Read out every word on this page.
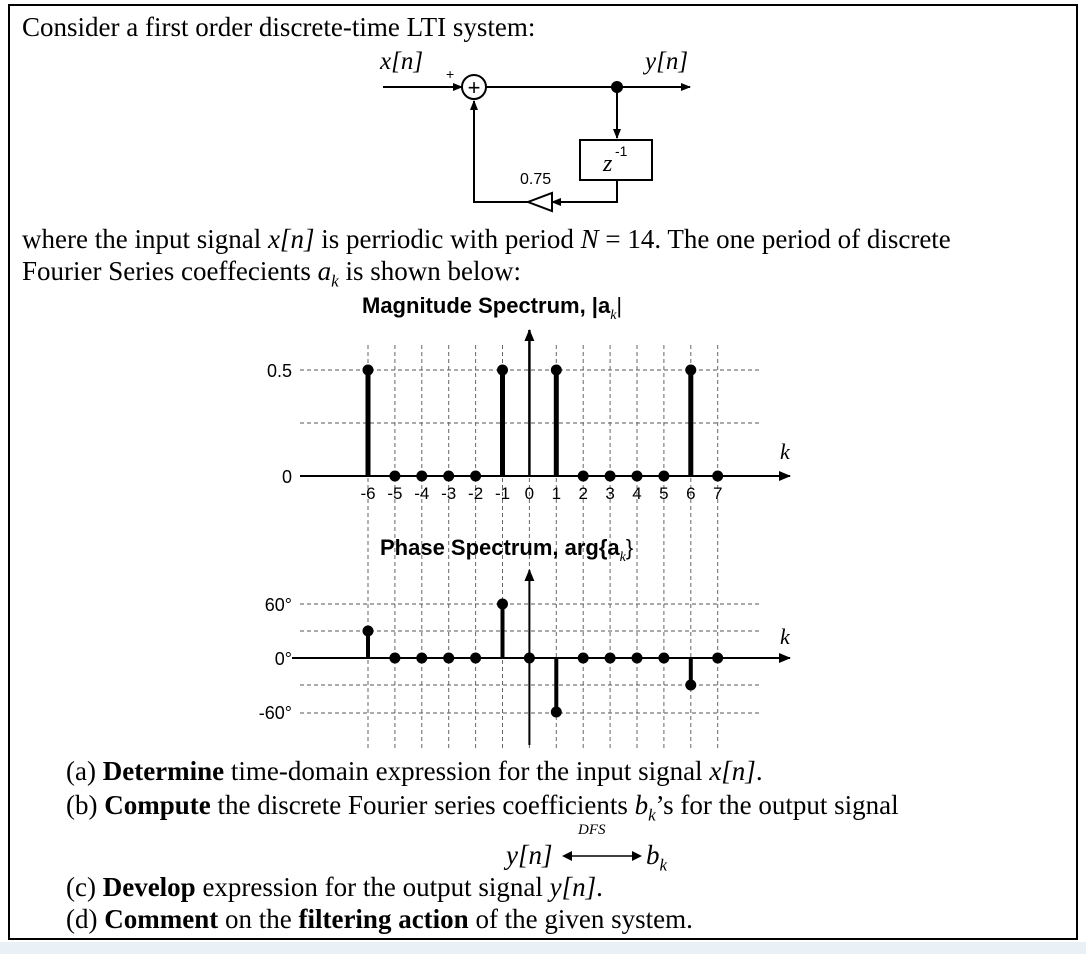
Consider a first order discrete-time LTI system:
x[n]	y[n]
+
+
z -1
0.75
where the input signal x[n] is perriodic with period N = 14. The one period of discrete
Fourier Series coeffecients $a_k$ is shown below:
Magnitude Spectrum, $|a_k|$
0.5
0
k
-6 -5 -4 -3 -2 -1 0 1 2 3 4 5 6 7
Phase Spectrum, $arg\{a_k\}$
60°
0°
-60°
k
(a) Determine time-domain expression for the input signal x[n].
(b) Compute the discrete Fourier series coefficients $b_k’s$ for the output signal
y[n]
DFS
$b_k$
(c) Develop expression for the output signal y[n].
(d) Comment on the filtering action of the given system.
